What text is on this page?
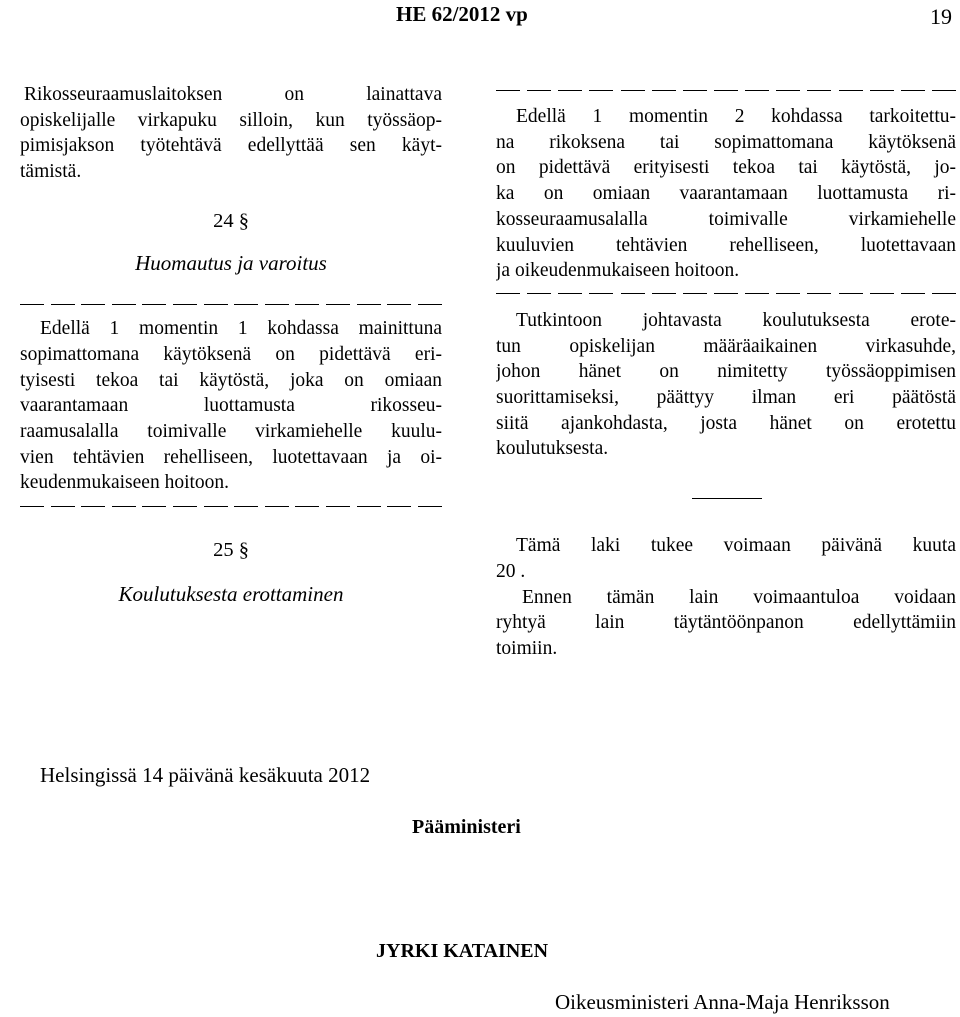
HE 62/2012 vp	19

Rikosseuraamuslaitoksen on lainattava

opiskelijalle virkapuku silloin, kun työssäop-

pimisjakson työtehtävä edellyttää sen käyt-

tämistä.

24 §

Huomautus ja varoitus

Edellä 1 momentin 1 kohdassa mainittuna

sopimattomana käytöksenä on pidettävä eri-

tyisesti tekoa tai käytöstä, joka on omiaan

vaarantamaan luottamusta rikosseu-

raamusalalla toimivalle virkamiehelle kuulu-

vien tehtävien rehelliseen, luotettavaan ja oi-

keudenmukaiseen hoitoon.

25 §

Koulutuksesta erottaminen

Edellä 1 momentin 2 kohdassa tarkoitettu-

na rikoksena tai sopimattomana käytöksenä

on pidettävä erityisesti tekoa tai käytöstä, jo-

ka on omiaan vaarantamaan luottamusta ri-

kosseuraamusalalla toimivalle virkamiehelle

kuuluvien tehtävien rehelliseen, luotettavaan

ja oikeudenmukaiseen hoitoon.

Tutkintoon johtavasta koulutuksesta erote-

tun opiskelijan määräaikainen virkasuhde,

johon hänet on nimitetty työssäoppimisen

suorittamiseksi, päättyy ilman eri päätöstä

siitä ajankohdasta, josta hänet on erotettu

koulutuksesta.

Tämä laki tukee voimaan päivänä kuuta

20 .

Ennen tämän lain voimaantuloa voidaan

ryhtyä lain täytäntöönpanon edellyttämiin

toimiin.

Helsingissä 14 päivänä kesäkuuta 2012
Pääministeri
JYRKI KATAINEN
Oikeusministeri Anna-Maja Henriksson
